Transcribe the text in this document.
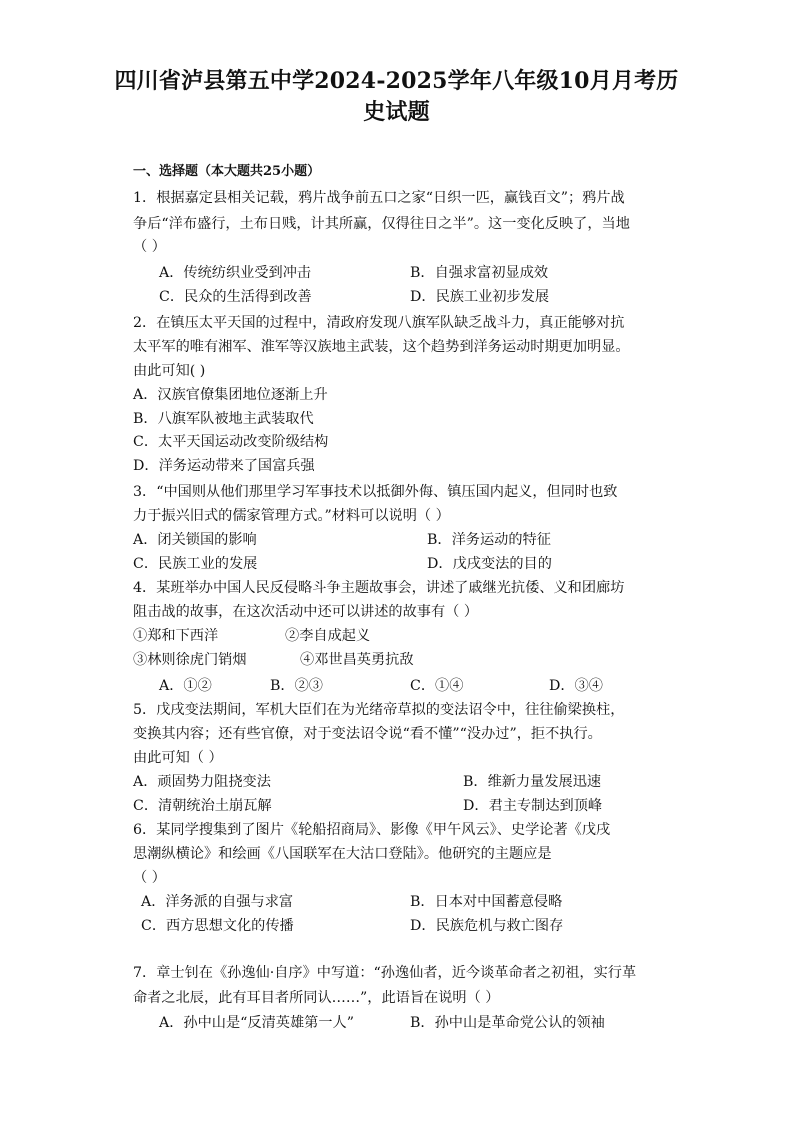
四川省泸县第五中学2024-2025学年八年级10月月考历
史试题
一、选择题（本大题共25小题）
1．根据嘉定县相关记载，鸦片战争前五口之家“日织一匹，赢钱百文”；鸦片战
争后“洋布盛行，土布日贱，计其所赢，仅得往日之半”。这一变化反映了，当地
（ ）
A．传统纺织业受到冲击	B．自强求富初显成效
C．民众的生活得到改善	D．民族工业初步发展
2．在镇压太平天国的过程中，清政府发现八旗军队缺乏战斗力，真正能够对抗
太平军的唯有湘军、淮军等汉族地主武装，这个趋势到洋务运动时期更加明显。
由此可知( )
A．汉族官僚集团地位逐渐上升
B．八旗军队被地主武装取代
C．太平天国运动改变阶级结构
D．洋务运动带来了国富兵强
3．“中国则从他们那里学习军事技术以抵御外侮、镇压国内起义，但同时也致
力于振兴旧式的儒家管理方式。”材料可以说明（ ）
A．闭关锁国的影响	B．洋务运动的特征
C．民族工业的发展	D．戊戌变法的目的
4．某班举办中国人民反侵略斗争主题故事会，讲述了戚继光抗倭、义和团廊坊
阻击战的故事，在这次活动中还可以讲述的故事有（ ）
①郑和下西洋	②李自成起义
③林则徐虎门销烟	④邓世昌英勇抗敌
A．①②	B．②③	C．①④	D．③④
5．戊戌变法期间，军机大臣们在为光绪帝草拟的变法诏令中，往往偷梁换柱，
变换其内容；还有些官僚，对于变法诏令说“看不懂”“没办过”，拒不执行。
由此可知（ ）
A．顽固势力阻挠变法	B．维新力量发展迅速
C．清朝统治土崩瓦解	D．君主专制达到顶峰
6．某同学搜集到了图片《轮船招商局》、影像《甲午风云》、史学论著《戊戌
思潮纵横论》和绘画《八国联军在大沽口登陆》。他研究的主题应是
（ ）
A．洋务派的自强与求富	B．日本对中国蓄意侵略
C．西方思想文化的传播	D．民族危机与救亡图存
7．章士钊在《孙逸仙·自序》中写道：“孙逸仙者，近今谈革命者之初祖，实行革
命者之北辰，此有耳目者所同认……”，此语旨在说明（ ）
A．孙中山是“反清英雄第一人”	B．孙中山是革命党公认的领袖
